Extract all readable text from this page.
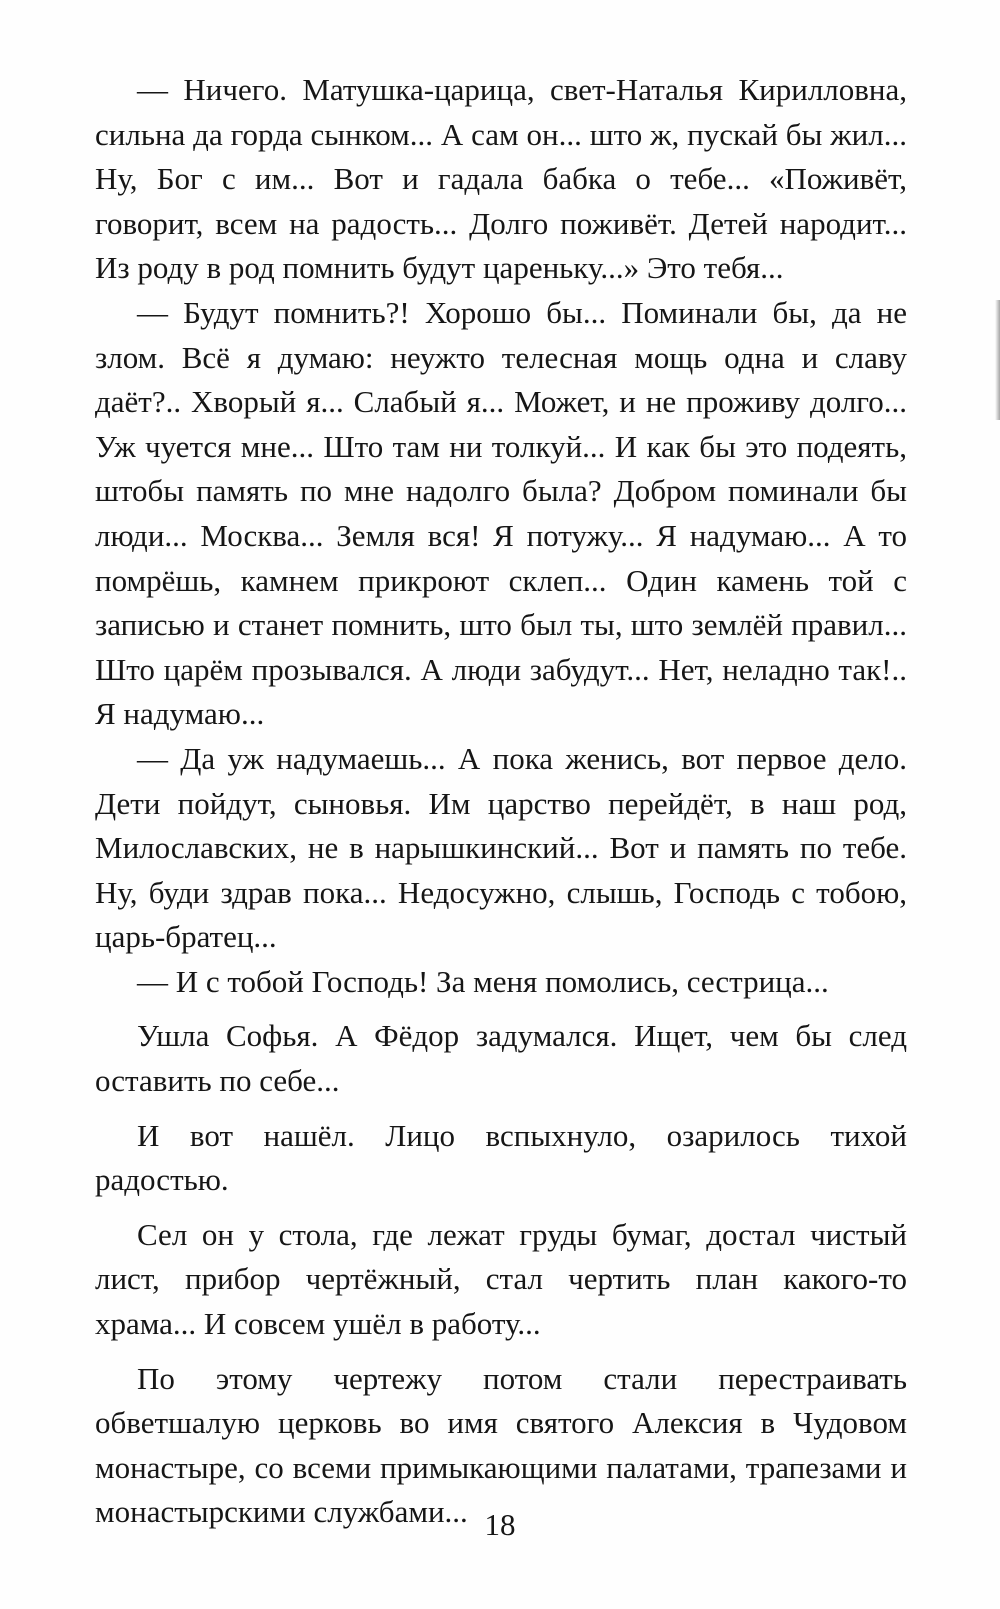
— Ничего. Матушка-царица, свет-Наталья Кирилловна, сильна да горда сынком... А сам он... што ж, пускай бы жил... Ну, Бог с им... Вот и гадала бабка о тебе... «Поживёт, говорит, всем на радость... Долго поживёт. Детей народит... Из роду в род помнить будут цареньку...» Это тебя...

— Будут помнить?! Хорошо бы... Поминали бы, да не злом. Всё я думаю: неужто телесная мощь одна и славу даёт?.. Хворый я... Слабый я... Может, и не проживу долго... Уж чуется мне... Што там ни толкуй... И как бы это подеять, штобы память по мне надолго была? Добром поминали бы люди... Москва... Земля вся! Я потужу... Я надумаю... А то помрёшь, камнем прикроют склеп... Один камень той с записью и станет помнить, што был ты, што землёй правил... Што царём прозывался. А люди забудут... Нет, неладно так!.. Я надумаю...

— Да уж надумаешь... А пока женись, вот первое дело. Дети пойдут, сыновья. Им царство перейдёт, в наш род, Милославских, не в нарышкинский... Вот и память по тебе. Ну, буди здрав пока... Недосужно, слышь, Господь с тобою, царь-братец...

— И с тобой Господь! За меня помолись, сестрица...

Ушла Софья. А Фёдор задумался. Ищет, чем бы след оставить по себе...

И вот нашёл. Лицо вспыхнуло, озарилось тихой радостью.

Сел он у стола, где лежат груды бумаг, достал чистый лист, прибор чертёжный, стал чертить план какого-то храма... И совсем ушёл в работу...

По этому чертежу потом стали перестраивать обветшалую церковь во имя святого Алексия в Чудовом монастыре, со всеми примыкающими палатами, трапезами и монастырскими службами... 18
